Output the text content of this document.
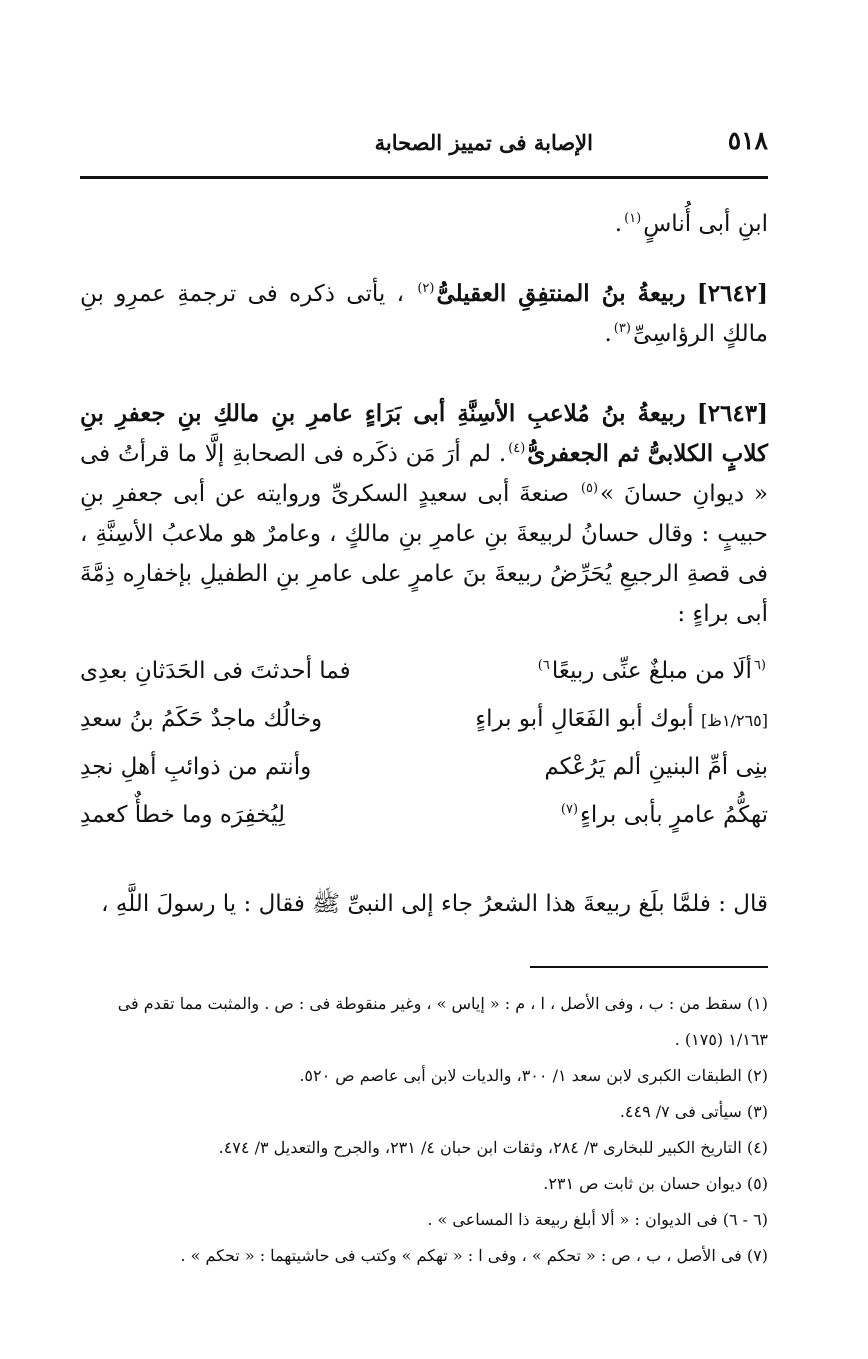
٥١٨
الإصابة فى تمييز الصحابة
ابنِ أبى أُناسٍ$^{(١)}$.
[٢٦٤٢] ربيعةُ بنُ المنتفِقِ العقيلىُّ$^{(٢)}$ ، يأتى ذكره فى ترجمةِ عمرِو بنِ مالكٍ الرؤاسِىِّ$^{(٣)}$.
[٢٦٤٣] ربيعةُ بنُ مُلاعبِ الأسِنَّةِ أبى بَرَاءٍ عامرِ بنِ مالكِ بنِ جعفرِ بنِ كلابٍ الكلابىُّ ثم الجعفرىُّ$^{(٤)}$. لم أرَ مَن ذكَره فى الصحابةِ إلَّا ما قرأتُ فى « ديوانِ حسانَ »$^{(٥)}$ صنعةَ أبى سعيدٍ السكرىِّ وروايته عن أبى جعفرِ بنِ حبيبٍ : وقال حسانُ لربيعةَ بنِ عامرِ بنِ مالكٍ ، وعامرٌ هو ملاعبُ الأسِنَّةِ ، فى قصةِ الرجيعِ يُحَرِّضُ ربيعةَ بنَ عامرٍ على عامرِ بنِ الطفيلِ بإخفارِه ذِمَّةَ أبى براءٍ :
$^{(٦}$ألَا من مبلغٌ عنِّى ربيعًا$^{٦)}$
فما أحدثتَ فى الحَدَثانِ بعدِى
[١/٢٦٥ظ] أبوك أبو الفَعَالِ أبو براءٍ
وخالُك ماجدٌ حَكَمُ بنُ سعدِ
بنِى أمِّ البنينِ ألم يَرُعْكم
وأنتم من ذوائبِ أهلِ نجدِ
تهكُّمُ عامرٍ بأبى براءٍ$^{(٧)}$
لِيُخفِرَه وما خطأٌ كعمدِ
قال : فلمَّا بلَغ ربيعةَ هذا الشعرُ جاء إلى النبىِّ ﷺ فقال : يا رسولَ اللَّهِ ،

(١) سقط من : ب ، وفى الأصل ، ا ، م : « إياس » ، وغير منقوطة فى : ص . والمثبت مما تقدم فى ١/١٦٣ (١٧٥) .

(٢) الطبقات الكبرى لابن سعد ١/ ٣٠٠، والديات لابن أبى عاصم ص ٥٢٠.

(٣) سيأتى فى ٧/ ٤٤٩.

(٤) التاريخ الكبير للبخارى ٣/ ٢٨٤، وثقات ابن حبان ٤/ ٢٣١، والجرح والتعديل ٣/ ٤٧٤.

(٥) ديوان حسان بن ثابت ص ٢٣١.

(٦ - ٦) فى الديوان : « ألا أبلغ ربيعة ذا المساعى » .

(٧) فى الأصل ، ب ، ص : « تحكم » ، وفى ا : « تهكم » وكتب فى حاشيتهما : « تحكم » .
